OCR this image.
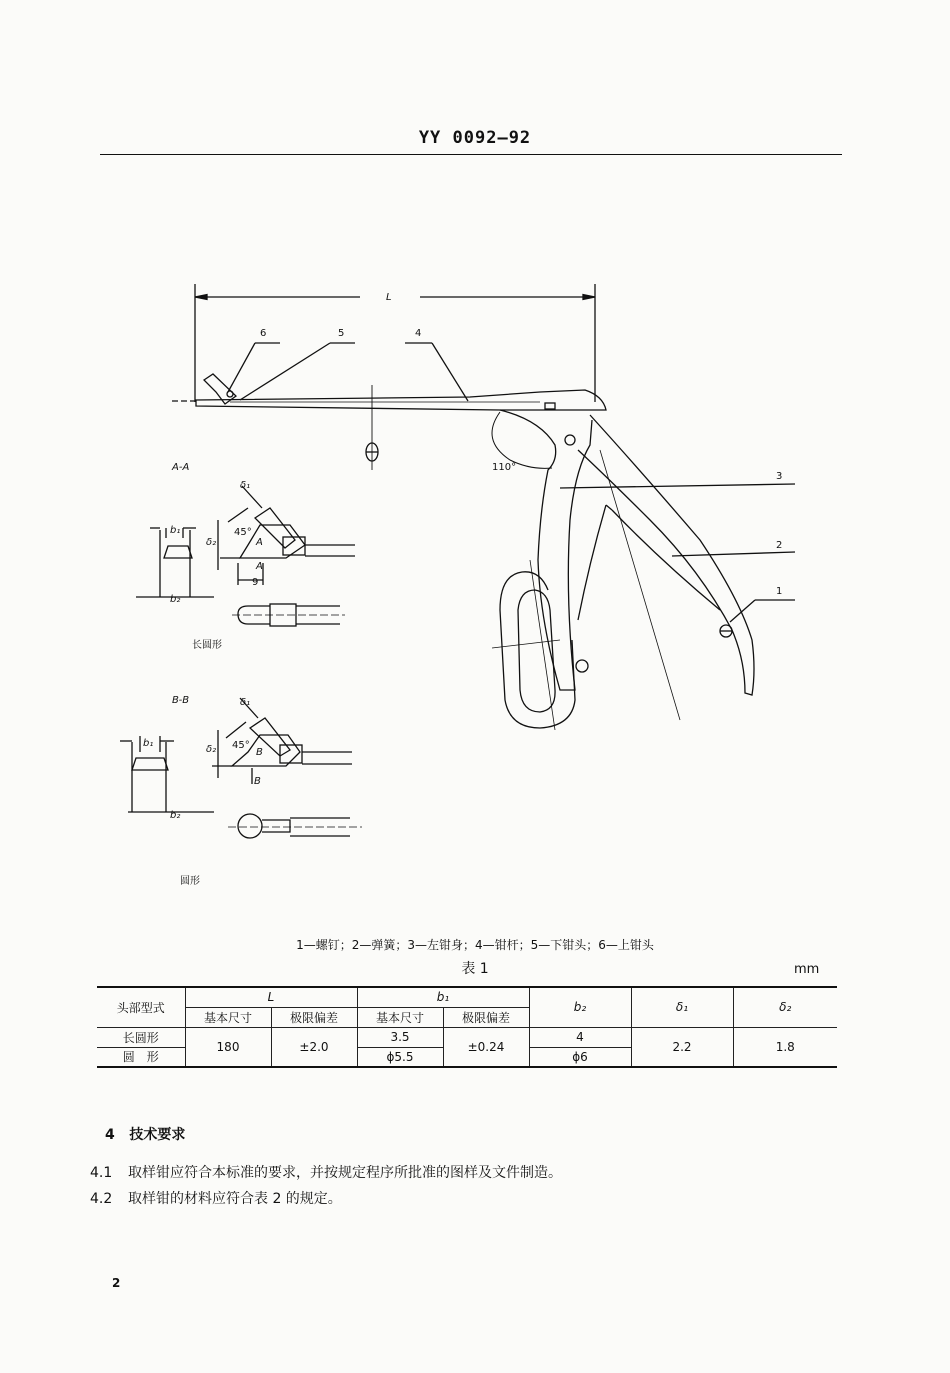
YY 0092—92
L
6	5	4
110°
3
2
1
A-A
b₁
b₂
δ₁
δ₂
45°
A
A
9
长圆形
B-B
b₁
b₂
δ₁
δ₂ 45°
B
B
圆形
1—螺钉；2—弹簧；3—左钳身；4—钳杆；5—下钳头；6—上钳头
表 1	mm
头部型式	L		b₁		b₂	δ₁	δ₂
	基本尺寸	极限偏差	基本尺寸	极限偏差			
长圆形	180	±2.0	3.5	±0.24	4	2.2	1.8
圆　形			ϕ5.5		ϕ6		
4 技术要求
4.1 取样钳应符合本标准的要求，并按规定程序所批准的图样及文件制造。
4.2 取样钳的材料应符合表 2 的规定。
2
